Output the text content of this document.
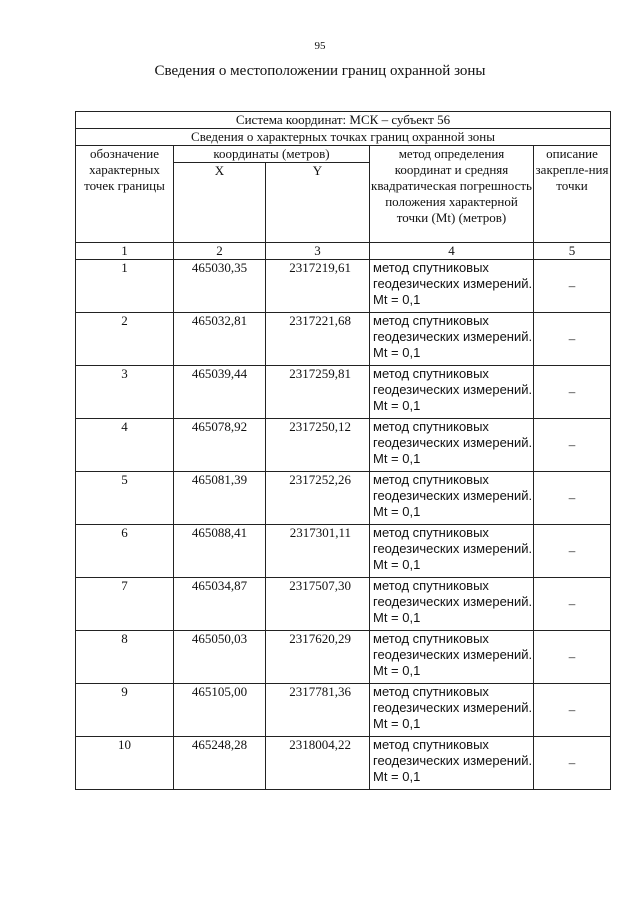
95
Сведения о местоположении границ охранной зоны
Система координат: МСК – субъект 56				
Сведения о характерных точках границ охранной зоны				
обозначение характерных точек границы	координаты (метров)		метод определения координат и средняя квадратическая погрешность положения характерной точки (Mt) (метров)	описание закрепле-ния точки
	X	Y		
1	2	3	4	5
1	465030,35	2317219,61	метод спутниковых геодезических измерений. Mt = 0,1	–
2	465032,81	2317221,68	метод спутниковых геодезических измерений. Mt = 0,1	–
3	465039,44	2317259,81	метод спутниковых геодезических измерений. Mt = 0,1	–
4	465078,92	2317250,12	метод спутниковых геодезических измерений. Mt = 0,1	–
5	465081,39	2317252,26	метод спутниковых геодезических измерений. Mt = 0,1	–
6	465088,41	2317301,11	метод спутниковых геодезических измерений. Mt = 0,1	–
7	465034,87	2317507,30	метод спутниковых геодезических измерений. Mt = 0,1	–
8	465050,03	2317620,29	метод спутниковых геодезических измерений. Mt = 0,1	–
9	465105,00	2317781,36	метод спутниковых геодезических измерений. Mt = 0,1	–
10	465248,28	2318004,22	метод спутниковых геодезических измерений. Mt = 0,1	–
